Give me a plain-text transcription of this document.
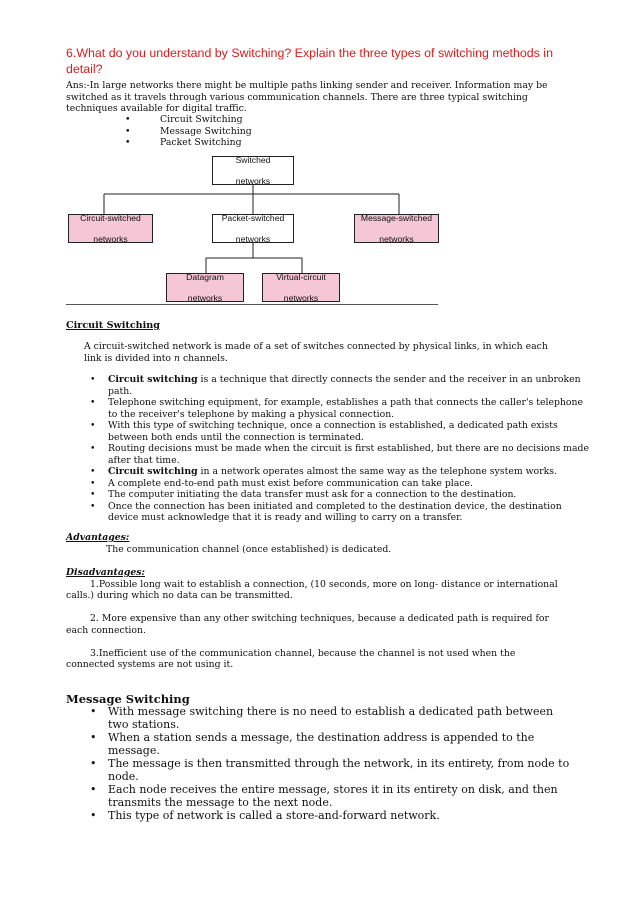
6.What do you understand by Switching? Explain the three types of switching methods in detail?
Ans:-In large networks there might be multiple paths linking sender and receiver. Information may be switched as it travels through various communication channels. There are three typical switching techniques available for digital traffic.
•	Circuit Switching
•	Message Switching
•	Packet Switching
Switched

networks
Circuit-switched

networks
Packet-switched

networks
Message-switched

networks
Datagram

networks
Virtual-circuit

networks
Circuit Switching
A circuit-switched network is made of a set of switches connected by physical links, in which each
link is divided into n channels.
•	Circuit switching is a technique that directly connects the sender and the receiver in an unbroken path.
•	Telephone switching equipment, for example, establishes a path that connects the caller's telephone to the receiver's telephone by making a physical connection.
•	With this type of switching technique, once a connection is established, a dedicated path exists between both ends until the connection is terminated.
•	Routing decisions must be made when the circuit is first established, but there are no decisions made after that time.
•	Circuit switching in a network operates almost the same way as the telephone system works.
•	A complete end-to-end path must exist before communication can take place.
•	The computer initiating the data transfer must ask for a connection to the destination.
•	Once the connection has been initiated and completed to the destination device, the destination device must acknowledge that it is ready and willing to carry on a transfer.
Advantages:
The communication channel (once established) is dedicated.
Disadvantages:
1.Possible long wait to establish a connection, (10 seconds, more on long- distance or international calls.) during which no data can be transmitted.
2. More expensive than any other switching techniques, because a dedicated path is required for each connection.
3.Inefficient use of the communication channel, because the channel is not used when the connected systems are not using it.
Message Switching
•	With message switching there is no need to establish a dedicated path between two stations.
•	When a station sends a message, the destination address is appended to the message.
•	The message is then transmitted through the network, in its entirety, from node to node.
•	Each node receives the entire message, stores it in its entirety on disk, and then transmits the message to the next node.
•	This type of network is called a store-and-forward network.
